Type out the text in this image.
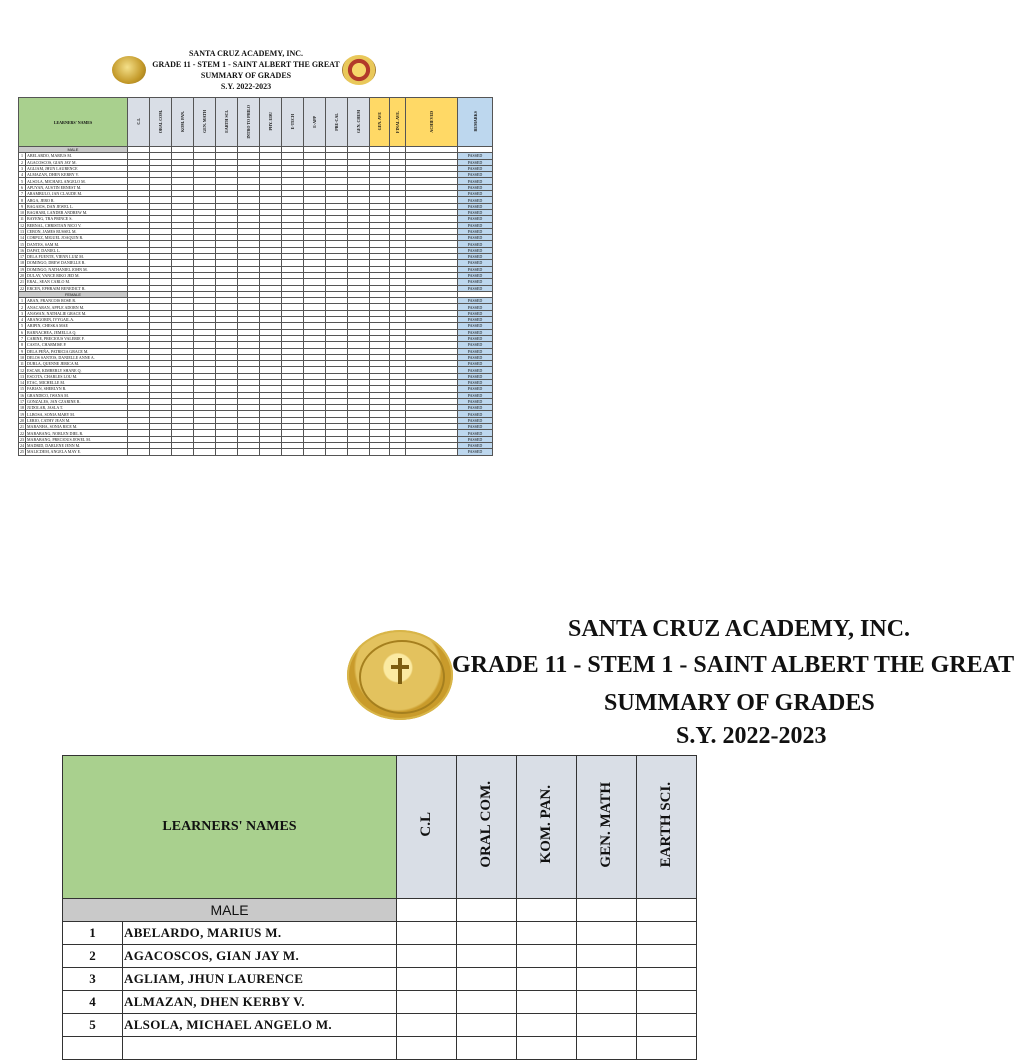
SANTA CRUZ ACADEMY, INC.
GRADE 11 - STEM 1 - SAINT ALBERT THE GREAT
SUMMARY OF GRADES
S.Y. 2022-2023
LEARNERS' NAMES		C.L	ORAL COM.	KOM. PAN.	GEN. MATH	EARTH SCI.	INTRO TO PHILO	PHY. EDU	E-TECH	E-APP	PRE-CAL	GEN. CHEM	GEN. AVE	FINAL AVE.	ACHIEVED	REMARKS
MALE																
1	ABELARDO, MARIUS M.															PASSED
2	AGACOSCOS, GIAN JAY M.															PASSED
3	AGLIAM, JHUN LAURENCE															PASSED
4	ALMAZAN, DHEN KERBY V.															PASSED
5	ALSOLA, MICHAEL ANGELO M.															PASSED
6	APUYAN, AUSTIN ERNEST M.															PASSED
7	ARAMBULO, JAN CLAUDE M.															PASSED
8	ARGA, JERO R.															PASSED
9	BAGAIOS, DAN JEWEL L.															PASSED
10	BAGHARI, LANDER ANDREW M.															PASSED
11	BAYENG, TRA PRINCE S.															PASSED
12	BERNAL, CHRISTIAN NICO V.															PASSED
13	CEBON, JAMES RUSSEL M.															PASSED
14	CORPUZ, MIGUEL JOAQUIN R.															PASSED
15	DANTES, SAM M.															PASSED
16	DAPAT, DANIEL L.															PASSED
17	DELA FUENTE, VIENN LUIZ M.															PASSED
18	DOMINGO, DREW DANIELLE R.															PASSED
19	DOMINGO, NATHANIEL JOHN M.															PASSED
20	DULAY, VANCE RIKO JED M.															PASSED
21	ERAL, SEAN CARLO M.															PASSED
22	ERCEN, EPHRAIM BENEDICT R.															PASSED
FEMALE																
1	ABAN, FRANCOIS ROSE R.															PASSED
2	ANACARAN, APPLE ADORN M.															PASSED
3	ANAWAN, NATHALIE GRACE M.															PASSED
4	ARANGORIN, IVYGAIL A.															PASSED
5	ARIPIN, CHESKA MAE															PASSED
6	BARNACHEA, JEMELLA Q.															PASSED
7	CABINE, PRECIOUS VALERIE F.															PASSED
8	CASTA, CHARMISE P.															PASSED
9	DELA PEÑA, PATRICIA GRACE M.															PASSED
10	DELOS SANTOS, DANIELLE ANNE A.															PASSED
11	DURLA, QUENNE JERICA M.															PASSED
12	ESCAR, KIMBERLY SHANE Q.															PASSED
13	ESCOTA, CHARLES LOU M.															PASSED
14	ETAC, MICHELLE M.															PASSED
15	FABIAN, SHERLYN R.															PASSED
16	GRANDICO, IWANA M.															PASSED
17	GONZALES, JAN CZARINE R.															PASSED
18	JUDOLAR, JASLA T.															PASSED
19	LLBOSA, SONIA MARY M.															PASSED
20	LERIO, CATHY JEAN M.															PASSED
21	MABANHA, SONIA RICE M.															PASSED
22	MABABANG, NORLEN DIEL R.															PASSED
23	MABABANG, PRECIOUS JEWEL M.															PASSED
24	MADRID, DARLENE JENN M.															PASSED
25	MALICDEM, ANGELA MAY E.															PASSED
SANTA CRUZ ACADEMY, INC.
GRADE 11 - STEM 1 - SAINT ALBERT THE GREAT
SUMMARY OF GRADES
S.Y. 2022-2023
LEARNERS' NAMES		C.L	ORAL COM.	KOM. PAN.	GEN. MATH	EARTH SCI.
MALE						
1	ABELARDO, MARIUS M.					
2	AGACOSCOS, GIAN JAY M.					
3	AGLIAM, JHUN LAURENCE					
4	ALMAZAN, DHEN KERBY V.					
5	ALSOLA, MICHAEL ANGELO M.					
